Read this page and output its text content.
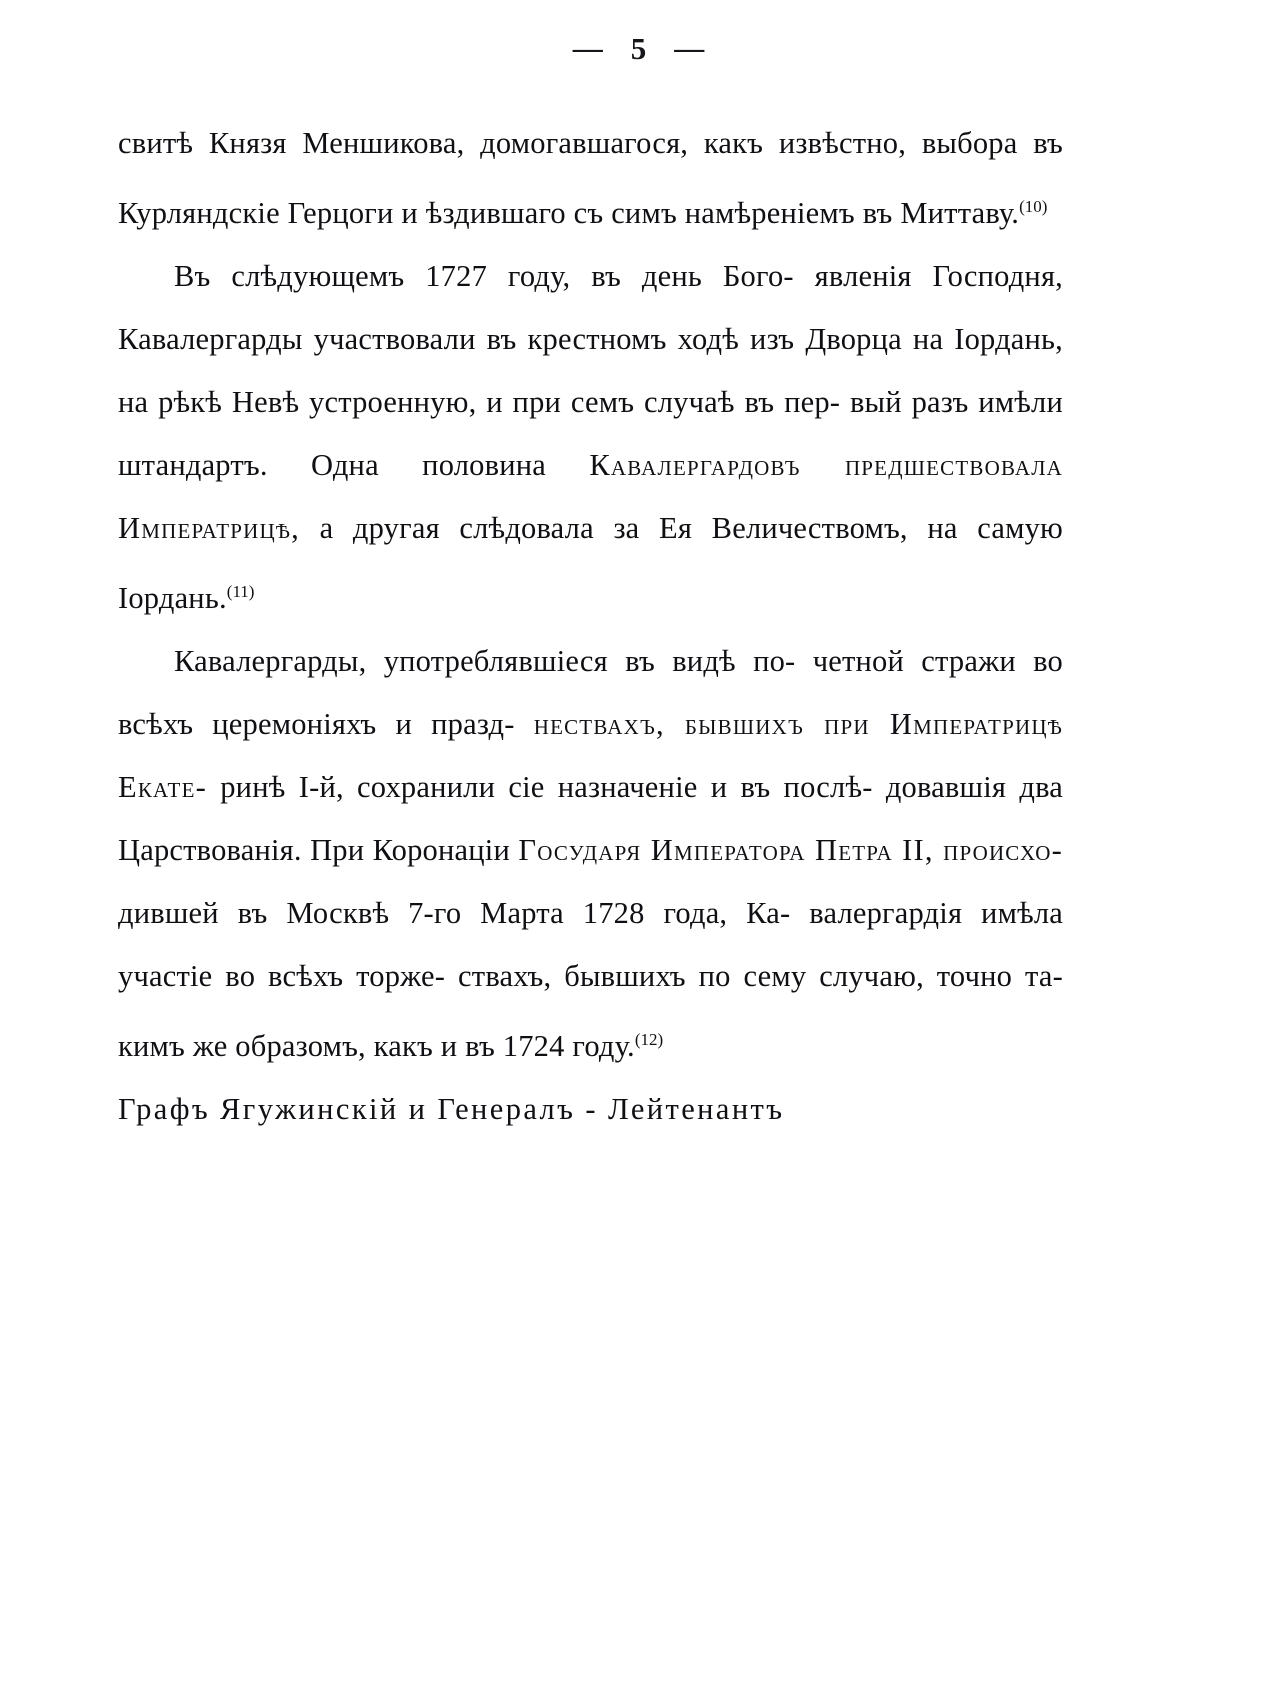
— 5 —

свитѣ Князя Меншикова, домогавшагося, какъ извѣстно, выбора въ Курляндскiе Герцоги и ѣздившаго съ симъ намѣренiемъ въ Миттаву.$^{(10)}$

Въ слѣдующемъ 1727 году, въ день Бого- явленiя Господня, Кавалергарды участвовали въ крестномъ ходѣ изъ Дворца на Iордань, на рѣкѣ Невѣ устроенную, и при семъ случаѣ въ пер- вый разъ имѣли штандартъ. Одна половина Кавалергардовъ предшествовала Императрицѣ, а другая слѣдовала за Ея Величествомъ, на самую Iордань.$^{(11)}$

Кавалергарды, употреблявшiеся въ видѣ по- четной стражи во всѣхъ церемонiяхъ и празд- нествахъ, бывшихъ при Императрицѣ Екате- ринѣ I-й, сохранили сiе назначенiе и въ послѣ- довавшiя два Царствованiя. При Коронацiи Государя Императора Петра II, происхо- дившей въ Москвѣ 7-го Марта 1728 года, Ка- валергардiя имѣла участiе во всѣхъ торже- ствахъ, бывшихъ по сему случаю, точно та- кимъ же образомъ, какъ и въ 1724 году.$^{(12)}$

Графъ Ягужинскiй и Генералъ - Лейтенантъ
